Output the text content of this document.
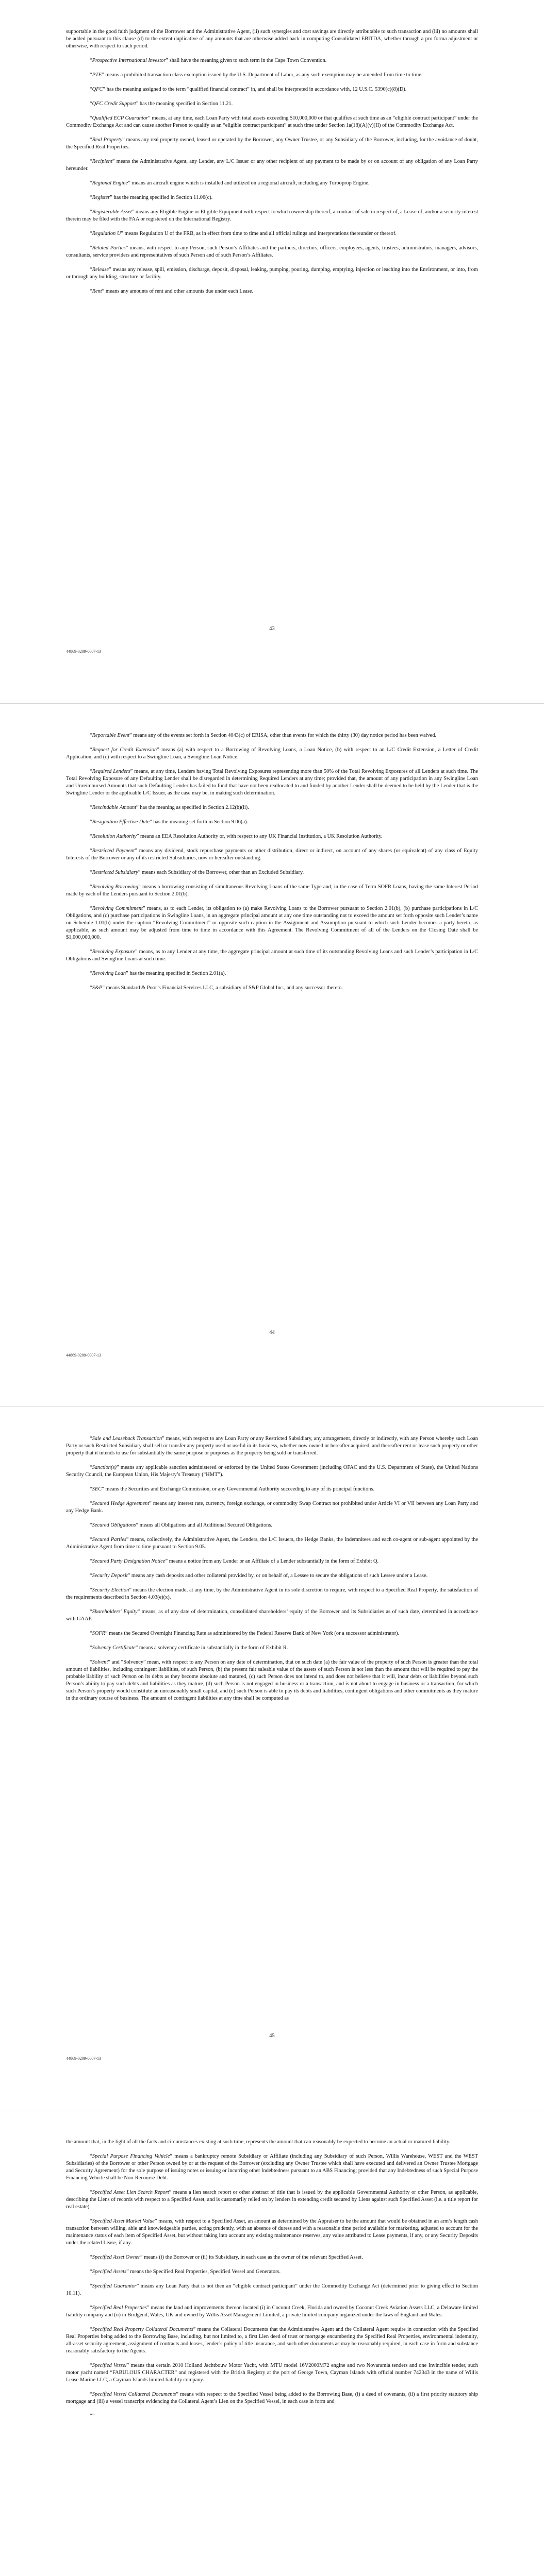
supportable in the good faith judgment of the Borrower and the Administrative Agent, (ii) such synergies and cost savings are directly attributable to such transaction and (iii) no amounts shall be added pursuant to this clause (d) to the extent duplicative of any amounts that are otherwise added back in computing Consolidated EBITDA, whether through a pro forma adjustment or otherwise, with respect to such period.

“Prospective International Investor” shall have the meaning given to such term in the Cape Town Convention.

“PTE” means a prohibited transaction class exemption issued by the U.S. Department of Labor, as any such exemption may be amended from time to time.

“QFC” has the meaning assigned to the term “qualified financial contract” in, and shall be interpreted in accordance with, 12 U.S.C. 5390(c)(8)(D).

“QFC Credit Support” has the meaning specified in Section 11.21.

“Qualified ECP Guarantor” means, at any time, each Loan Party with total assets exceeding $10,000,000 or that qualifies at such time as an “eligible contract participant” under the Commodity Exchange Act and can cause another Person to qualify as an “eligible contract participant” at such time under Section 1a(18)(A)(v)(II) of the Commodity Exchange Act.

“Real Property” means any real property owned, leased or operated by the Borrower, any Owner Trustee, or any Subsidiary of the Borrower, including, for the avoidance of doubt, the Specified Real Properties.

“Recipient” means the Administrative Agent, any Lender, any L/C Issuer or any other recipient of any payment to be made by or on account of any obligation of any Loan Party hereunder.

“Regional Engine” means an aircraft engine which is installed and utilized on a regional aircraft, including any Turboprop Engine.

“Register” has the meaning specified in Section 11.06(c).

“Registerable Asset” means any Eligible Engine or Eligible Equipment with respect to which ownership thereof, a contract of sale in respect of, a Lease of, and/or a security interest therein may be filed with the FAA or registered on the International Registry.

“Regulation U” means Regulation U of the FRB, as in effect from time to time and all official rulings and interpretations thereunder or thereof.

“Related Parties” means, with respect to any Person, such Person’s Affiliates and the partners, directors, officers, employees, agents, trustees, administrators, managers, advisors, consultants, service providers and representatives of such Person and of such Person’s Affiliates.

“Release” means any release, spill, emission, discharge, deposit, disposal, leaking, pumping, pouring, dumping, emptying, injection or leaching into the Environment, or into, from or through any building, structure or facility.

“Rent” means any amounts of rent and other amounts due under each Lease.

43
44869-0209-0007-13

“Reportable Event” means any of the events set forth in Section 4043(c) of ERISA, other than events for which the thirty (30) day notice period has been waived.

“Request for Credit Extension” means (a) with respect to a Borrowing of Revolving Loans, a Loan Notice, (b) with respect to an L/C Credit Extension, a Letter of Credit Application, and (c) with respect to a Swingline Loan, a Swingline Loan Notice.

“Required Lenders” means, at any time, Lenders having Total Revolving Exposures representing more than 50% of the Total Revolving Exposures of all Lenders at such time. The Total Revolving Exposure of any Defaulting Lender shall be disregarded in determining Required Lenders at any time; provided that, the amount of any participation in any Swingline Loan and Unreimbursed Amounts that such Defaulting Lender has failed to fund that have not been reallocated to and funded by another Lender shall be deemed to be held by the Lender that is the Swingline Lender or the applicable L/C Issuer, as the case may be, in making such determination.

“Rescindable Amount” has the meaning as specified in Section 2.12(b)(ii).

“Resignation Effective Date” has the meaning set forth in Section 9.06(a).

“Resolution Authority” means an EEA Resolution Authority or, with respect to any UK Financial Institution, a UK Resolution Authority.

“Restricted Payment” means any dividend, stock repurchase payments or other distribution, direct or indirect, on account of any shares (or equivalent) of any class of Equity Interests of the Borrower or any of its restricted Subsidiaries, now or hereafter outstanding.

“Restricted Subsidiary” means each Subsidiary of the Borrower, other than an Excluded Subsidiary.

“Revolving Borrowing” means a borrowing consisting of simultaneous Revolving Loans of the same Type and, in the case of Term SOFR Loans, having the same Interest Period made by each of the Lenders pursuant to Section 2.01(b).

“Revolving Commitment” means, as to each Lender, its obligation to (a) make Revolving Loans to the Borrower pursuant to Section 2.01(b), (b) purchase participations in L/C Obligations, and (c) purchase participations in Swingline Loans, in an aggregate principal amount at any one time outstanding not to exceed the amount set forth opposite such Lender’s name on Schedule 1.01(b) under the caption “Revolving Commitment” or opposite such caption in the Assignment and Assumption pursuant to which such Lender becomes a party hereto, as applicable, as such amount may be adjusted from time to time in accordance with this Agreement. The Revolving Commitment of all of the Lenders on the Closing Date shall be $1,000,000,000.

“Revolving Exposure” means, as to any Lender at any time, the aggregate principal amount at such time of its outstanding Revolving Loans and such Lender’s participation in L/C Obligations and Swingline Loans at such time.

“Revolving Loan” has the meaning specified in Section 2.01(a).

“S&P” means Standard & Poor’s Financial Services LLC, a subsidiary of S&P Global Inc., and any successor thereto.

44
44869-0209-0007-13

“Sale and Leaseback Transaction” means, with respect to any Loan Party or any Restricted Subsidiary, any arrangement, directly or indirectly, with any Person whereby such Loan Party or such Restricted Subsidiary shall sell or transfer any property used or useful in its business, whether now owned or hereafter acquired, and thereafter rent or lease such property or other property that it intends to use for substantially the same purpose or purposes as the property being sold or transferred.

“Sanction(s)” means any applicable sanction administered or enforced by the United States Government (including OFAC and the U.S. Department of State), the United Nations Security Council, the European Union, His Majesty’s Treasury (“HMT”).

“SEC” means the Securities and Exchange Commission, or any Governmental Authority succeeding to any of its principal functions.

“Secured Hedge Agreement” means any interest rate, currency, foreign exchange, or commodity Swap Contract not prohibited under Article VI or VII between any Loan Party and any Hedge Bank.

“Secured Obligations” means all Obligations and all Additional Secured Obligations.

“Secured Parties” means, collectively, the Administrative Agent, the Lenders, the L/C Issuers, the Hedge Banks, the Indemnitees and each co-agent or sub-agent appointed by the Administrative Agent from time to time pursuant to Section 9.05.

“Secured Party Designation Notice” means a notice from any Lender or an Affiliate of a Lender substantially in the form of Exhibit Q.

“Security Deposit” means any cash deposits and other collateral provided by, or on behalf of, a Lessee to secure the obligations of such Lessee under a Lease.

“Security Election” means the election made, at any time, by the Administrative Agent in its sole discretion to require, with respect to a Specified Real Property, the satisfaction of the requirements described in Section 4.03(e)(x).

“Shareholders’ Equity” means, as of any date of determination, consolidated shareholders’ equity of the Borrower and its Subsidiaries as of such date, determined in accordance with GAAP.

“SOFR” means the Secured Overnight Financing Rate as administered by the Federal Reserve Bank of New York (or a successor administrator).

“Solvency Certificate” means a solvency certificate in substantially in the form of Exhibit R.

“Solvent” and “Solvency” mean, with respect to any Person on any date of determination, that on such date (a) the fair value of the property of such Person is greater than the total amount of liabilities, including contingent liabilities, of such Person, (b) the present fair saleable value of the assets of such Person is not less than the amount that will be required to pay the probable liability of such Person on its debts as they become absolute and matured, (c) such Person does not intend to, and does not believe that it will, incur debts or liabilities beyond such Person’s ability to pay such debts and liabilities as they mature, (d) such Person is not engaged in business or a transaction, and is not about to engage in business or a transaction, for which such Person’s property would constitute an unreasonably small capital, and (e) such Person is able to pay its debts and liabilities, contingent obligations and other commitments as they mature in the ordinary course of business. The amount of contingent liabilities at any time shall be computed as

45
44869-0209-0007-13

the amount that, in the light of all the facts and circumstances existing at such time, represents the amount that can reasonably be expected to become an actual or matured liability.

“Special Purpose Financing Vehicle” means a bankruptcy remote Subsidiary or Affiliate (including any Subsidiary of such Person, Willis Warehouse, WEST and the WEST Subsidiaries) of the Borrower or other Person owned by or at the request of the Borrower (excluding any Owner Trustee which shall have executed and delivered an Owner Trustee Mortgage and Security Agreement) for the sole purpose of issuing notes or issuing or incurring other Indebtedness pursuant to an ABS Financing; provided that any Indebtedness of such Special Purpose Financing Vehicle shall be Non-Recourse Debt.

“Specified Asset Lien Search Report” means a lien search report or other abstract of title that is issued by the applicable Governmental Authority or other Person, as applicable, describing the Liens of records with respect to a Specified Asset, and is customarily relied on by lenders in extending credit secured by Liens against such Specified Asset (i.e. a title report for real estate).

“Specified Asset Market Value” means, with respect to a Specified Asset, an amount as determined by the Appraiser to be the amount that would be obtained in an arm’s length cash transaction between willing, able and knowledgeable parties, acting prudently, with an absence of duress and with a reasonable time period available for marketing, adjusted to account for the maintenance status of each item of Specified Asset, but without taking into account any existing maintenance reserves, any value attributed to Lease payments, if any, or any Security Deposits under the related Lease, if any.

“Specified Asset Owner” means (i) the Borrower or (ii) its Subsidiary, in each case as the owner of the relevant Specified Asset.

“Specified Assets” means the Specified Real Properties, Specified Vessel and Generators.

“Specified Guarantor” means any Loan Party that is not then an “eligible contract participant” under the Commodity Exchange Act (determined prior to giving effect to Section 10.11).

“Specified Real Properties” means the land and improvements thereon located (i) in Coconut Creek, Florida and owned by Coconut Creek Aviation Assets LLC, a Delaware limited liability company and (ii) in Bridgend, Wales, UK and owned by Willis Asset Management Limited, a private limited company organized under the laws of England and Wales.

“Specified Real Property Collateral Documents” means the Collateral Documents that the Administrative Agent and the Collateral Agent require in connection with the Specified Real Properties being added to the Borrowing Base, including, but not limited to, a first Lien deed of trust or mortgage encumbering the Specified Real Properties, environmental indemnity, all-asset security agreement, assignment of contracts and leases, lender’s policy of title insurance, and such other documents as may be reasonably required, in each case in form and substance reasonably satisfactory to the Agents.

“Specified Vessel” means that certain 2010 Holland Jachtbouw Motor Yacht, with MTU model 16V2000M72 engine and two Novaramia tenders and one Invincible tender, such motor yacht named “FABULOUS CHARACTER” and registered with the British Registry at the port of George Town, Cayman Islands with official number 742343 in the name of Willis Lease Marine LLC, a Cayman Islands limited liability company.

“Specified Vessel Collateral Documents” means with respect to the Specified Vessel being added to the Borrowing Base, (i) a deed of covenants, (ii) a first priority statutory ship mortgage and (iii) a vessel transcript evidencing the Collateral Agent’s Lien on the Specified Vessel, in each case in form and

“”
